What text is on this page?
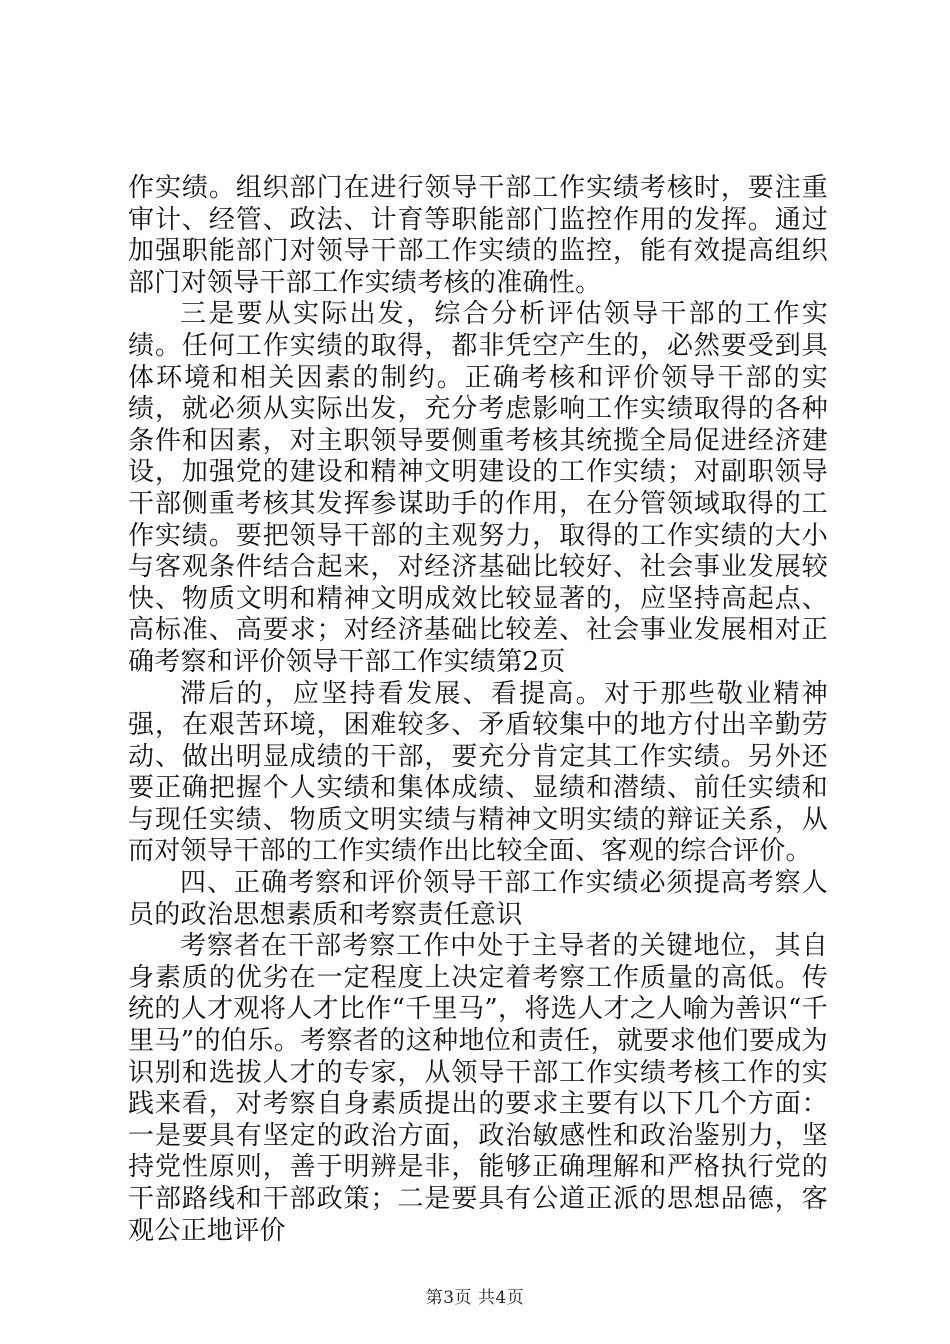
作实绩。组织部门在进行领导干部工作实绩考核时，要注重审计、经管、政法、计育等职能部门监控作用的发挥。通过加强职能部门对领导干部工作实绩的监控，能有效提高组织部门对领导干部工作实绩考核的准确性。

三是要从实际出发，综合分析评估领导干部的工作实绩。任何工作实绩的取得，都非凭空产生的，必然要受到具体环境和相关因素的制约。正确考核和评价领导干部的实绩，就必须从实际出发，充分考虑影响工作实绩取得的各种条件和因素，对主职领导要侧重考核其统揽全局促进经济建设，加强党的建设和精神文明建设的工作实绩；对副职领导干部侧重考核其发挥参谋助手的作用，在分管领域取得的工作实绩。要把领导干部的主观努力，取得的工作实绩的大小与客观条件结合起来，对经济基础比较好、社会事业发展较快、物质文明和精神文明成效比较显著的，应坚持高起点、高标准、高要求；对经济基础比较差、社会事业发展相对正确考察和评价领导干部工作实绩第2页

滞后的，应坚持看发展、看提高。对于那些敬业精神强，在艰苦环境，困难较多、矛盾较集中的地方付出辛勤劳动、做出明显成绩的干部，要充分肯定其工作实绩。另外还要正确把握个人实绩和集体成绩、显绩和潜绩、前任实绩和与现任实绩、物质文明实绩与精神文明实绩的辩证关系，从而对领导干部的工作实绩作出比较全面、客观的综合评价。

四、正确考察和评价领导干部工作实绩必须提高考察人员的政治思想素质和考察责任意识

考察者在干部考察工作中处于主导者的关键地位，其自身素质的优劣在一定程度上决定着考察工作质量的高低。传统的人才观将人才比作“千里马”，将选人才之人喻为善识“千里马”的伯乐。考察者的这种地位和责任，就要求他们要成为识别和选拔人才的专家，从领导干部工作实绩考核工作的实践来看，对考察自身素质提出的要求主要有以下几个方面：一是要具有坚定的政治方面，政治敏感性和政治鉴别力，坚持党性原则，善于明辨是非，能够正确理解和严格执行党的干部路线和干部政策；二是要具有公道正派的思想品德，客观公正地评价

第3页 共4页
